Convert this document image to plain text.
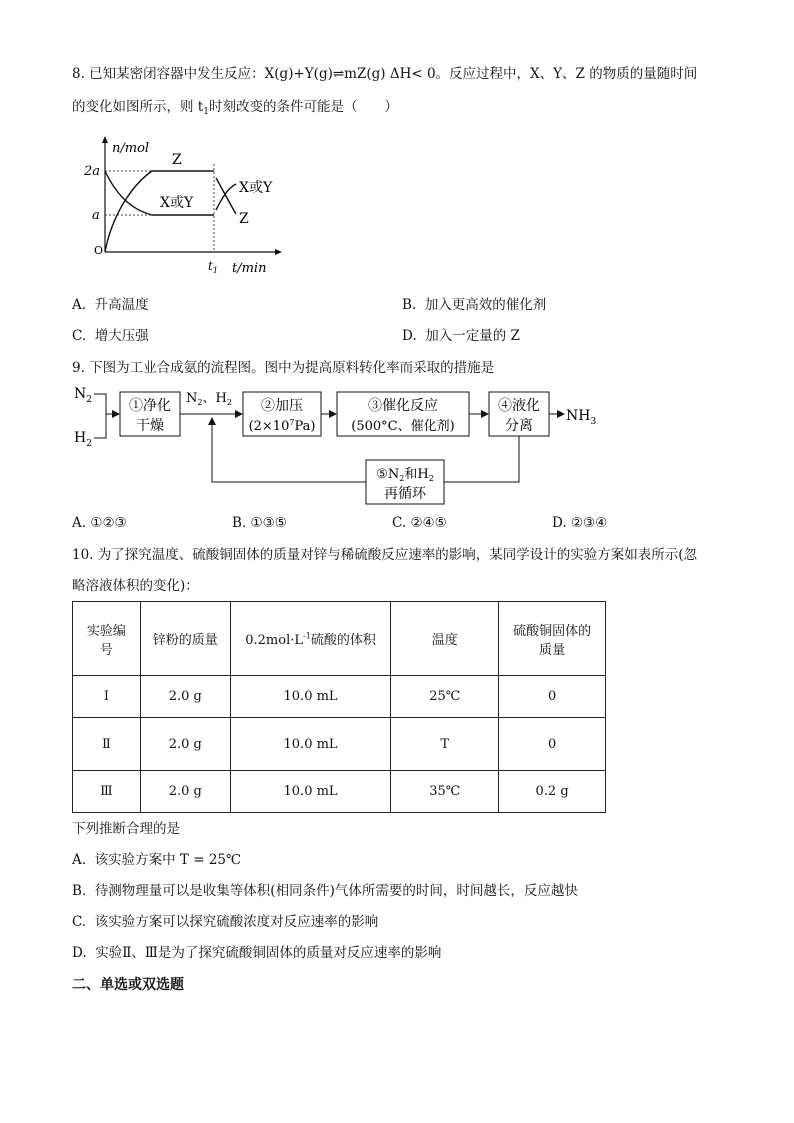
8. 已知某密闭容器中发生反应：X(g)+Y(g)⇌mZ(g) ΔH< 0。反应过程中，X、Y、Z 的物质的量随时间
的变化如图所示，则 $t_1$时刻改变的条件可能是（　　）
n/mol
t/min
2a
a
O
Z
X或Y
X或Y
Z
$t_1$
A. 升高温度	B. 加入更高效的催化剂
C. 增大压强	D. 加入一定量的 Z
9. 下图为工业合成氨的流程图。图中为提高原料转化率而采取的措施是
$N_2$
$H_2$
①净化
干燥
$N_2$、$H_2$ ②加压
$(2\times 10^7Pa)$
③催化反应
(500°C、催化剂)
④液化
分离
$NH_3$
$⑤N_2$和$H_2$
再循环
A. ①②③	B. ①③⑤	C. ②④⑤	D. ②③④
10. 为了探究温度、硫酸铜固体的质量对锌与稀硫酸反应速率的影响，某同学设计的实验方案如表所示(忽
略溶液体积的变化)：
实验编
号	锌粉的质量	$0.2mol\cdot L^{-1}$硫酸的体积	温度	硫酸铜固体的
质量
Ⅰ	2.0 g	10.0 mL	25℃	0
Ⅱ	2.0 g	10.0 mL	T	0
Ⅲ	2.0 g	10.0 mL	35℃	0.2 g
下列推断合理的是
A. 该实验方案中 T = 25℃
B. 待测物理量可以是收集等体积(相同条件)气体所需要的时间，时间越长，反应越快
C. 该实验方案可以探究硫酸浓度对反应速率的影响
D. 实验Ⅱ、Ⅲ是为了探究硫酸铜固体的质量对反应速率的影响
二、单选或双选题
